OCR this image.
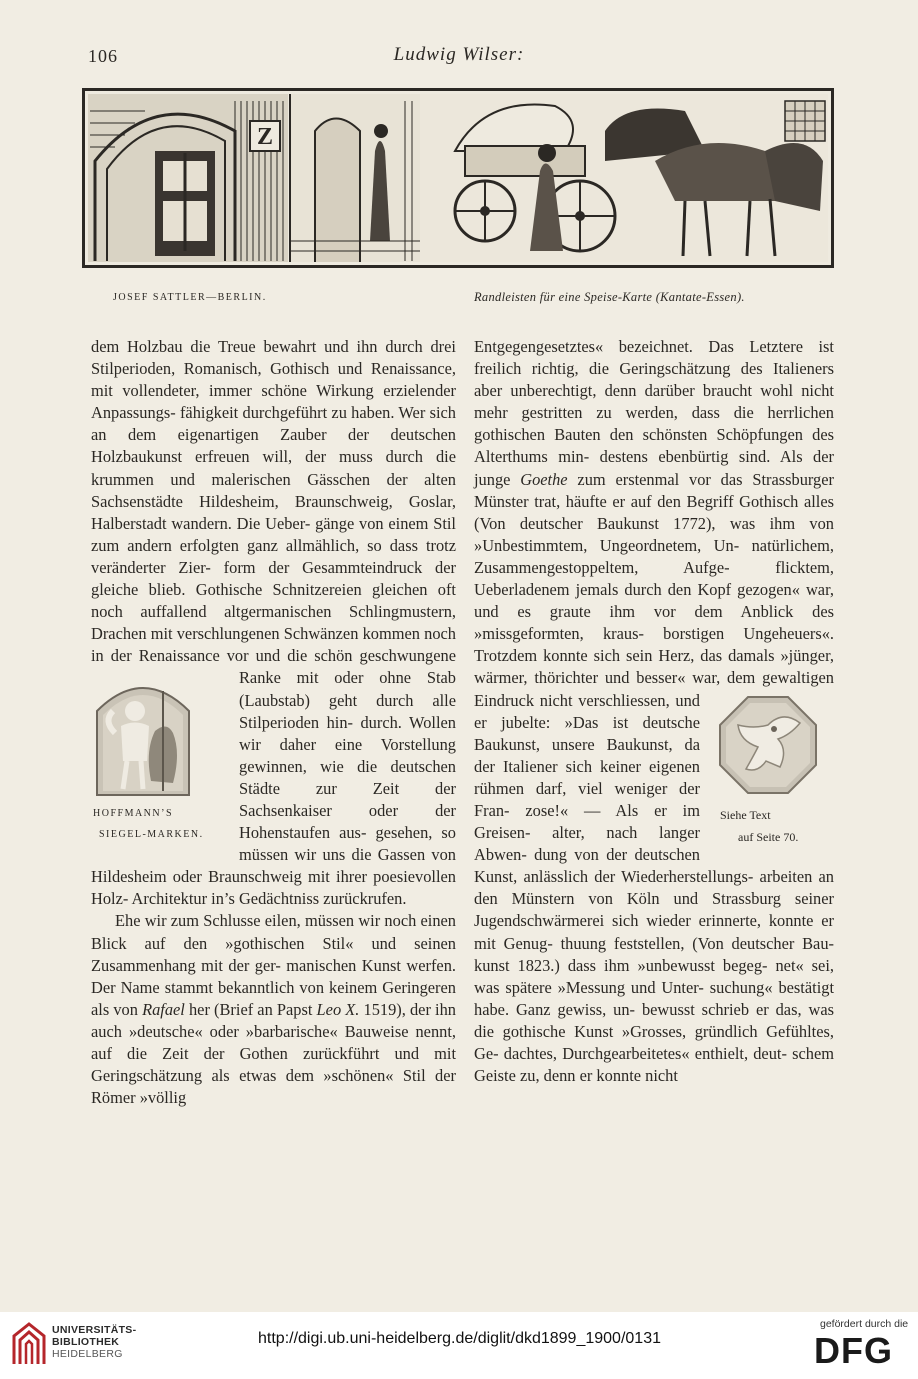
106	Ludwig Wilser:
Z
JOSEF SATTLER—BERLIN.	Randleisten für eine Speise-Karte (Kantate-Essen).

dem Holzbau die Treue bewahrt und ihn durch drei Stilperioden, Romanisch, Gothisch und Renaissance, mit vollendeter, immer schöne Wirkung erzielender Anpassungs- fähigkeit durchgeführt zu haben. Wer sich an dem eigenartigen Zauber der deutschen Holzbaukunst erfreuen will, der muss durch die krummen und malerischen Gässchen der alten Sachsenstädte Hildesheim, Braunschweig, Goslar, Halberstadt wandern. Die Ueber- gänge von einem Stil zum andern erfolgten ganz allmählich, so dass trotz veränderter Zier- form der Gesammteindruck der gleiche blieb. Gothische Schnitzereien gleichen oft noch auffallend altgermanischen Schlingmustern, Drachen mit verschlungenen Schwänzen kommen noch in der Renaissance vor und die schön geschwungene Ranke mit oder
HOFFMANN’S
SIEGEL-MARKEN.
ohne Stab (Laubstab) geht durch alle Stilperioden hin- durch. Wollen wir daher eine Vorstellung gewinnen, wie die deutschen Städte zur Zeit der Sachsenkaiser oder der Hohenstaufen aus- gesehen, so müssen wir uns die Gassen von Hildesheim oder Braunschweig mit ihrer poesievollen Holz- Architektur in’s Gedächtniss zurückrufen.

Ehe wir zum Schlusse eilen, müssen wir noch einen Blick auf den »gothischen Stil« und seinen Zusammenhang mit der ger- manischen Kunst werfen. Der Name stammt bekanntlich von keinem Geringeren als von Rafael her (Brief an Papst Leo X. 1519), der ihn auch »deutsche« oder »barbarische« Bauweise nennt, auf die Zeit der Gothen zurückführt und mit Geringschätzung als etwas dem »schönen« Stil der Römer »völlig

Entgegengesetztes« bezeichnet. Das Letztere ist freilich richtig, die Geringschätzung des Italieners aber unberechtigt, denn darüber braucht wohl nicht mehr gestritten zu werden, dass die herrlichen gothischen Bauten den schönsten Schöpfungen des Alterthums min- destens ebenbürtig sind. Als der junge Goethe zum erstenmal vor das Strassburger Münster trat, häufte er auf den Begriff Gothisch alles (Von deutscher Baukunst 1772), was ihm von »Unbestimmtem, Ungeordnetem, Un- natürlichem, Zusammengestoppeltem, Aufge-	flicktem, Ueberladenem jemals durch den Kopf gezogen« war, und es graute ihm vor dem Anblick des »missgeformten, kraus- borstigen Ungeheuers«. Trotzdem konnte sich sein Herz, das damals »jünger, wärmer, thörichter und besser« war, dem gewaltigen
Siehe Text
auf Seite 70.
Eindruck nicht verschliessen, und er jubelte: »Das ist deutsche Baukunst, unsere Baukunst, da der Italiener sich keiner eigenen rühmen darf, viel weniger der Fran- zose!« — Als er im Greisen- alter, nach langer Abwen- dung von der deutschen Kunst, anlässlich der Wiederherstellungs- arbeiten an den Münstern von Köln und Strassburg seiner Jugendschwärmerei sich wieder erinnerte, konnte er mit Genug- thuung feststellen, (Von deutscher Bau- kunst 1823.) dass ihm »unbewusst begeg- net« sei, was spätere »Messung und Unter- suchung« bestätigt habe. Ganz gewiss, un- bewusst schrieb er das, was die gothische Kunst »Grosses, gründlich Gefühltes, Ge- dachtes, Durchgearbeitetes« enthielt, deut- schem Geiste zu, denn er konnte nicht

UNIVERSITÄTS-
BIBLIOTHEK
HEIDELBERG
http://digi.ub.uni-heidelberg.de/diglit/dkd1899_1900/0131
gefördert durch die
DFG
